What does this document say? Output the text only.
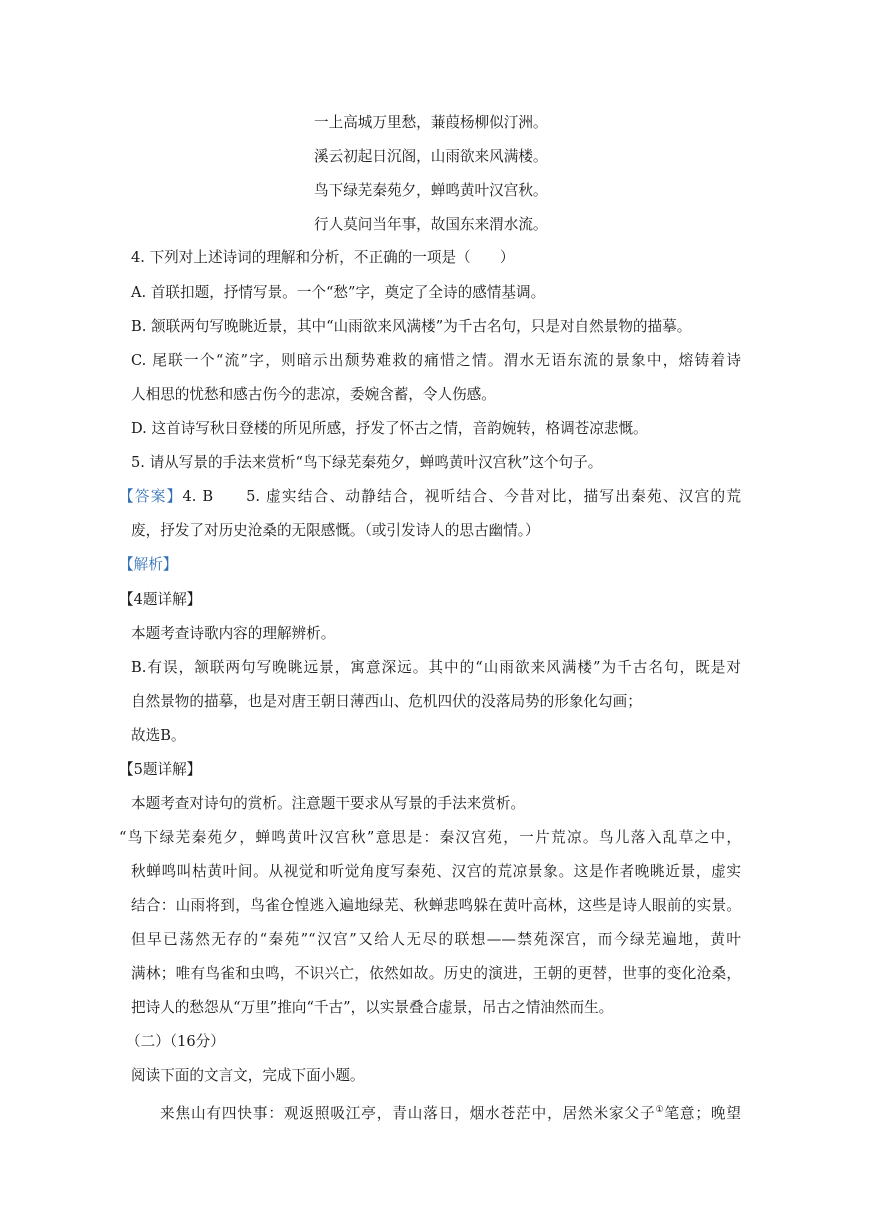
一上高城万里愁，蒹葭杨柳似汀洲。
溪云初起日沉阁，山雨欲来风满楼。
鸟下绿芜秦苑夕，蝉鸣黄叶汉宫秋。
行人莫问当年事，故国东来渭水流。
4. 下列对上述诗词的理解和分析，不正确的一项是（　　）
A. 首联扣题，抒情写景。一个“愁”字，奠定了全诗的感情基调。
B. 颔联两句写晚眺近景，其中“山雨欲来风满楼”为千古名句，只是对自然景物的描摹。
C. 尾联一个“流”字，则暗示出颓势难救的痛惜之情。渭水无语东流的景象中，熔铸着诗
人相思的忧愁和感古伤今的悲凉，委婉含蓄，令人伤感。
D. 这首诗写秋日登楼的所见所感，抒发了怀古之情，音韵婉转，格调苍凉悲慨。
5. 请从写景的手法来赏析“鸟下绿芜秦苑夕，蝉鸣黄叶汉宫秋”这个句子。
【答案】4. B　　5. 虚实结合、动静结合，视听结合、今昔对比，描写出秦苑、汉宫的荒
废，抒发了对历史沧桑的无限感慨。（或引发诗人的思古幽情。）
【解析】
【4题详解】
本题考查诗歌内容的理解辨析。
B.有误，颔联两句写晚眺远景，寓意深远。其中的“山雨欲来风满楼”为千古名句，既是对
自然景物的描摹，也是对唐王朝日薄西山、危机四伏的没落局势的形象化勾画；
故选B。
【5题详解】
本题考查对诗句的赏析。注意题干要求从写景的手法来赏析。
“鸟下绿芜秦苑夕，蝉鸣黄叶汉宫秋”意思是：秦汉宫苑，一片荒凉。鸟儿落入乱草之中，
秋蝉鸣叫枯黄叶间。从视觉和听觉角度写秦苑、汉宫的荒凉景象。这是作者晚眺近景，虚实
结合：山雨将到，鸟雀仓惶逃入遍地绿芜、秋蝉悲鸣躲在黄叶高林，这些是诗人眼前的实景。
但早已荡然无存的“秦苑”“汉宫”又给人无尽的联想——禁苑深宫，而今绿芜遍地，黄叶
满林；唯有鸟雀和虫鸣，不识兴亡，依然如故。历史的演进，王朝的更替，世事的变化沧桑，
把诗人的愁怨从“万里”推向“千古”，以实景叠合虚景，吊古之情油然而生。
（二）（16分）
阅读下面的文言文，完成下面小题。
来焦山有四快事：观返照吸江亭，青山落日，烟水苍茫中，居然米家父子①笔意；晚望
